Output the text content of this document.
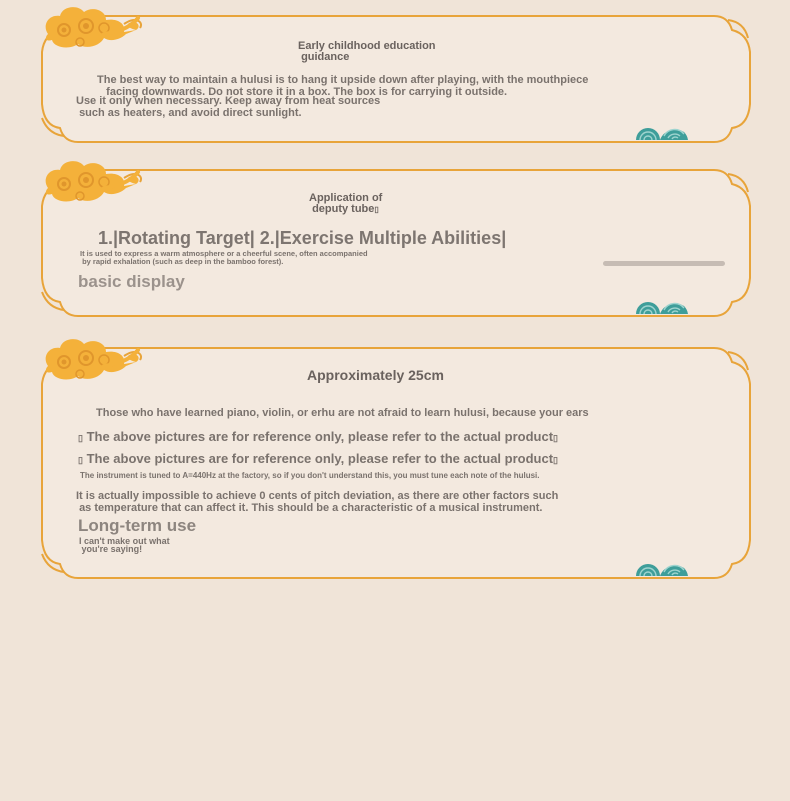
Early childhood education
guidance

The best way to maintain a hulusi is to hang it upside down after playing, with the mouthpiece
facing downwards. Do not store it in a box. The box is for carrying it outside.

Use it only when necessary. Keep away from heat sources
such as heaters, and avoid direct sunlight.

Application of
deputy tube▯

1.|Rotating Target| 2.|Exercise Multiple Abilities|

It is used to express a warm atmosphere or a cheerful scene, often accompanied
by rapid exhalation (such as deep in the bamboo forest).

basic display

Approximately 25cm

Those who have learned piano, violin, or erhu are not afraid to learn hulusi, because your ears

▯ The above pictures are for reference only, please refer to the actual product▯

▯ The above pictures are for reference only, please refer to the actual product▯

The instrument is tuned to A=440Hz at the factory, so if you don't understand this, you must tune each note of the hulusi.

It is actually impossible to achieve 0 cents of pitch deviation, as there are other factors such
as temperature that can affect it. This should be a characteristic of a musical instrument.

Long-term use

I can't make out what
you're saying!
